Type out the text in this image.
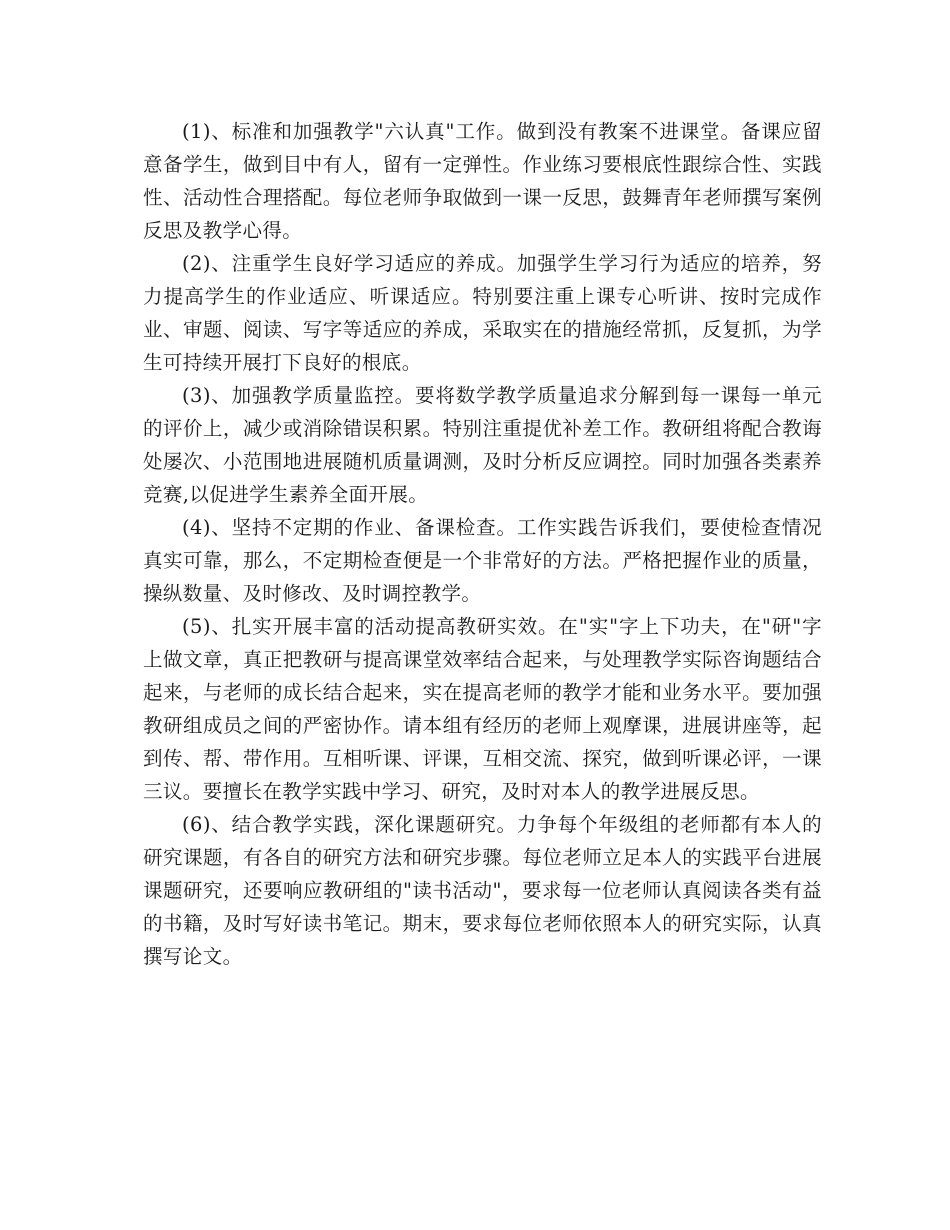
(1)、标准和加强教学"六认真"工作。做到没有教案不进课堂。备课应留意备学生，做到目中有人，留有一定弹性。作业练习要根底性跟综合性、实践性、活动性合理搭配。每位老师争取做到一课一反思，鼓舞青年老师撰写案例反思及教学心得。

(2)、注重学生良好学习适应的养成。加强学生学习行为适应的培养，努力提高学生的作业适应、听课适应。特别要注重上课专心听讲、按时完成作业、审题、阅读、写字等适应的养成，采取实在的措施经常抓，反复抓，为学生可持续开展打下良好的根底。

(3)、加强教学质量监控。要将数学教学质量追求分解到每一课每一单元的评价上，减少或消除错误积累。特别注重提优补差工作。教研组将配合教诲处屡次、小范围地进展随机质量调测，及时分析反应调控。同时加强各类素养竞赛,以促进学生素养全面开展。

(4)、坚持不定期的作业、备课检查。工作实践告诉我们，要使检查情况真实可靠，那么，不定期检查便是一个非常好的方法。严格把握作业的质量，操纵数量、及时修改、及时调控教学。

(5)、扎实开展丰富的活动提高教研实效。在"实"字上下功夫，在"研"字上做文章，真正把教研与提高课堂效率结合起来，与处理教学实际咨询题结合起来，与老师的成长结合起来，实在提高老师的教学才能和业务水平。要加强教研组成员之间的严密协作。请本组有经历的老师上观摩课，进展讲座等，起到传、帮、带作用。互相听课、评课，互相交流、探究，做到听课必评，一课三议。要擅长在教学实践中学习、研究，及时对本人的教学进展反思。

(6)、结合教学实践，深化课题研究。力争每个年级组的老师都有本人的研究课题，有各自的研究方法和研究步骤。每位老师立足本人的实践平台进展课题研究，还要响应教研组的"读书活动"，要求每一位老师认真阅读各类有益的书籍，及时写好读书笔记。期末，要求每位老师依照本人的研究实际，认真撰写论文。
